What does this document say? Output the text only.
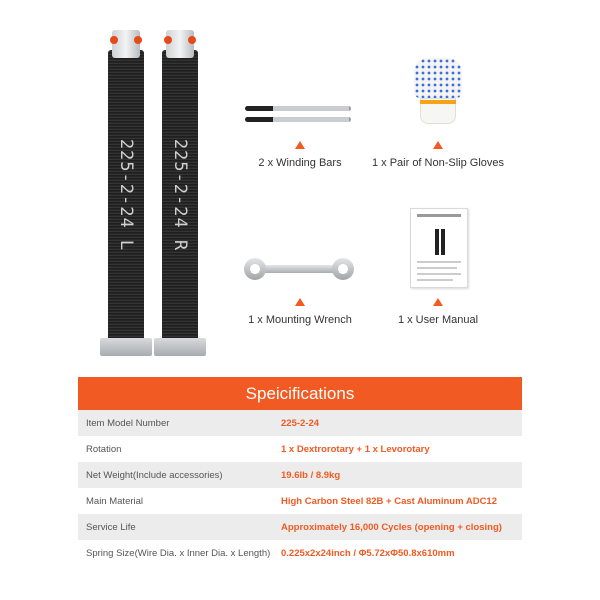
225-2-24 L 225-2-24 R	2 x Winding Bars	1 x Pair of Non-Slip Gloves
1 x Mounting Wrench	1 x User Manual
Speicifications
Item Model Number	225-2-24
Rotation	1 x Dextrorotary + 1 x Levorotary
Net Weight(Include accessories)	19.6lb / 8.9kg
Main Material	High Carbon Steel 82B + Cast Aluminum ADC12
Service Life	Approximately 16,000 Cycles (opening + closing)
Spring Size(Wire Dia. x Inner Dia. x Length)	0.225x2x24inch / Φ5.72xΦ50.8x610mm
